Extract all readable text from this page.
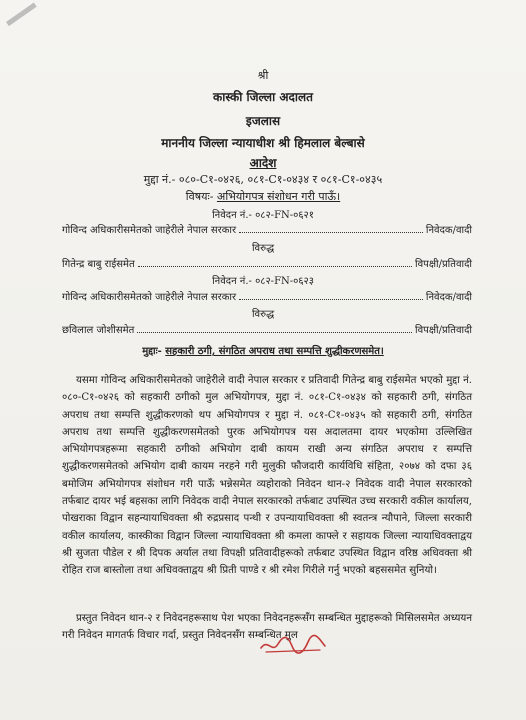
श्री
कास्की जिल्ला अदालत
इजलास
माननीय जिल्ला न्यायाधीश श्री हिमलाल बेल्बासे
आदेश
मुद्दा नं.- ०८०-C१-०४२६, ०८१-C१-०४३४ र ०८१-C१-०४३५
विषयः- अभियोगपत्र संशोधन गरी पाऊँ।
निवेदन नं.- ०८२-FN-०६२१
गोविन्द अधिकारीसमेतको जाहेरीले नेपाल सरकार	निवेदक/वादी
विरुद्ध
गितेन्द्र बाबु राईसमेत	विपक्षी/प्रतिवादी
निवेदन नं.- ०८२-FN-०६२३
गोविन्द अधिकारीसमेतको जाहेरीले नेपाल सरकार	निवेदक/वादी
विरुद्ध
छविलाल जोशीसमेत	विपक्षी/प्रतिवादी
मुद्दाः- सहकारी ठगी, संगठित अपराध तथा सम्पत्ति शुद्धीकरणसमेत।
यसमा गोविन्द अधिकारीसमेतको जाहेरीले वादी नेपाल सरकार र प्रतिवादी गितेन्द्र बाबु राईसमेत भएको मुद्दा नं. ०८०-C१-०४२६ को सहकारी ठगीको मुल अभियोगपत्र, मुद्दा नं. ०८१-C१-०४३४ को सहकारी ठगी, संगठित अपराध तथा सम्पत्ति शुद्धीकरणको थप अभियोगपत्र र मुद्दा नं. ०८१-C१-०४३५ को सहकारी ठगी, संगठित अपराध तथा सम्पत्ति शुद्धीकरणसमेतको पुरक अभियोगपत्र यस अदालतमा दायर भएकोमा उल्लिखित अभियोगपत्रहरूमा सहकारी ठगीको अभियोग दाबी कायम राखी अन्य संगठित अपराध र सम्पत्ति शुद्धीकरणसमेतको अभियोग दाबी कायम नरहने गरी मुलुकी फौजदारी कार्यविधि संहिता, २०७४ को दफा ३६ बमोजिम अभियोगपत्र संशोधन गरी पाऊँ भन्नेसमेत व्यहोराको निवेदन थान-२ निवेदक वादी नेपाल सरकारको तर्फबाट दायर भई बहसका लागि निवेदक वादी नेपाल सरकारको तर्फबाट उपस्थित उच्च सरकारी वकील कार्यालय, पोखराका विद्वान सहन्यायाधिवक्ता श्री रुद्रप्रसाद पन्थी र उपन्यायाधिवक्ता श्री स्वतन्त्र न्यौपाने, जिल्ला सरकारी वकील कार्यालय, कास्कीका विद्वान जिल्ला न्यायाधिवक्ता श्री कमला काफ्ले र सहायक जिल्ला न्यायाधिवक्ताद्वय श्री सुजता पौडेल र श्री दिपक अर्याल तथा विपक्षी प्रतिवादीहरूको तर्फबाट उपस्थित विद्वान वरिष्ठ अधिवक्ता श्री रोहित राज बास्तोला तथा अधिवक्ताद्वय श्री प्रिती पाण्डे र श्री रमेश गिरीले गर्नु भएको बहससमेत सुनियो।
प्रस्तुत निवेदन थान-२ र निवेदनहरूसाथ पेश भएका निवेदनहरूसँग सम्बन्धित मुद्दाहरूको मिसिलसमेत अध्ययन गरी निवेदन मागतर्फ विचार गर्दा, प्रस्तुत निवेदनसँग सम्बन्धित मुल
